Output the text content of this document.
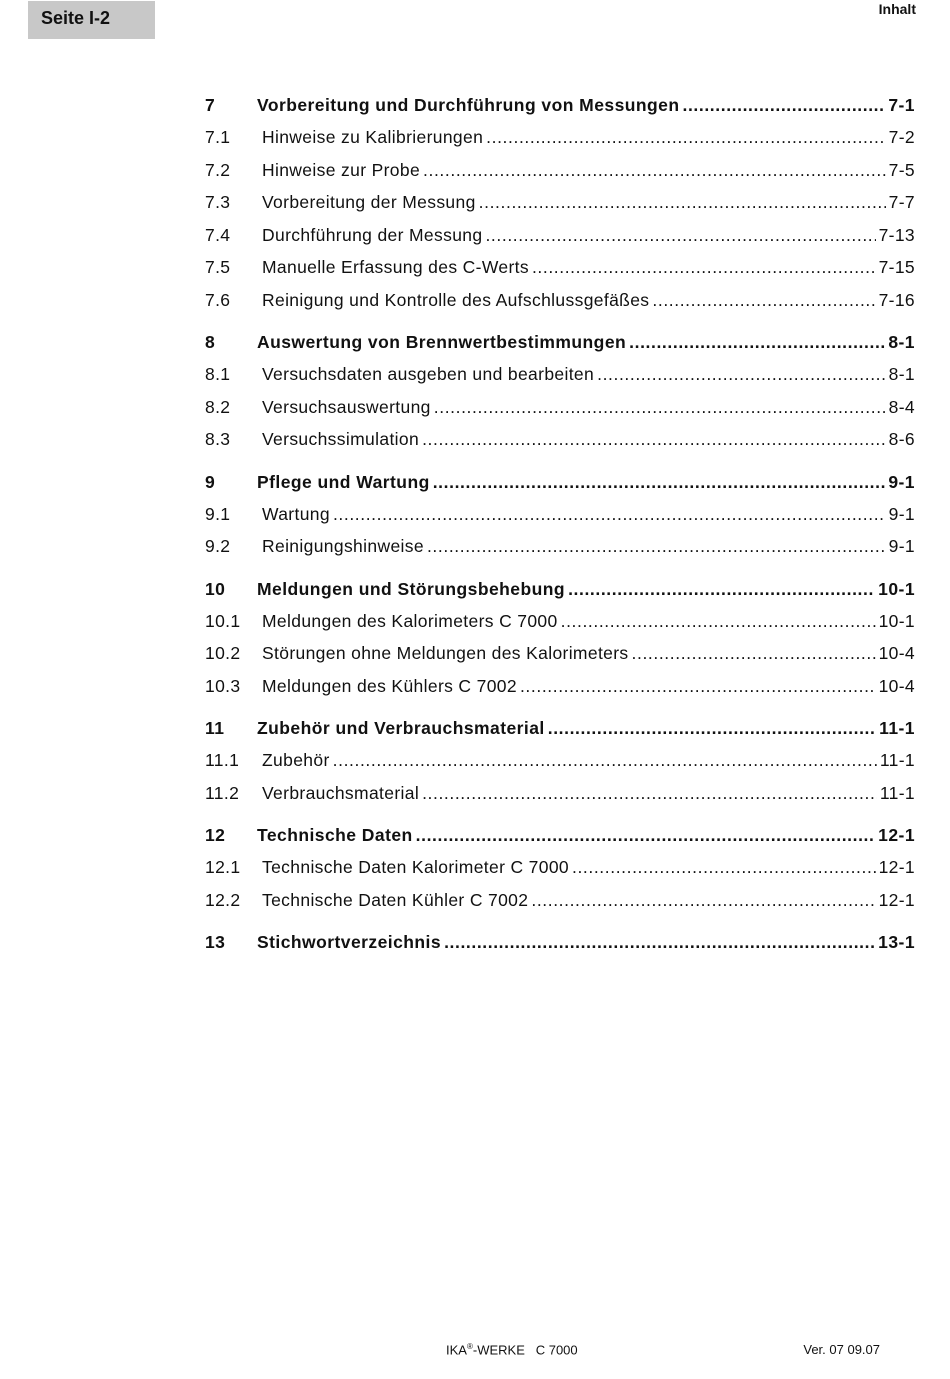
Seite I-2	Inhalt
7	Vorbereitung und Durchführung von Messungen .....	7-1
7.1	Hinweise zu Kalibrierungen .....	7-2
7.2	Hinweise zur Probe .....	7-5
7.3	Vorbereitung der Messung .....	7-7
7.4	Durchführung der Messung .....	7-13
7.5	Manuelle Erfassung des C-Werts .....	7-15
7.6	Reinigung und Kontrolle des Aufschlussgefäßes .....	7-16
8	Auswertung von Brennwertbestimmungen .....	8-1
8.1	Versuchsdaten ausgeben und bearbeiten .....	8-1
8.2	Versuchsauswertung .....	8-4
8.3	Versuchssimulation .....	8-6
9	Pflege und Wartung .....	9-1
9.1	Wartung .....	9-1
9.2	Reinigungshinweise .....	9-1
10	Meldungen und Störungsbehebung .....	10-1
10.1	Meldungen des Kalorimeters C 7000 .....	10-1
10.2	Störungen ohne Meldungen des Kalorimeters .....	10-4
10.3	Meldungen des Kühlers C 7002 .....	10-4
11	Zubehör und Verbrauchsmaterial .....	11-1
11.1	Zubehör .....	11-1
11.2	Verbrauchsmaterial .....	11-1
12	Technische Daten .....	12-1
12.1	Technische Daten Kalorimeter C 7000 .....	12-1
12.2	Technische Daten Kühler C 7002 .....	12-1
13	Stichwortverzeichnis .....	13-1
IKA®-WERKE C 7000	Ver. 07 09.07
